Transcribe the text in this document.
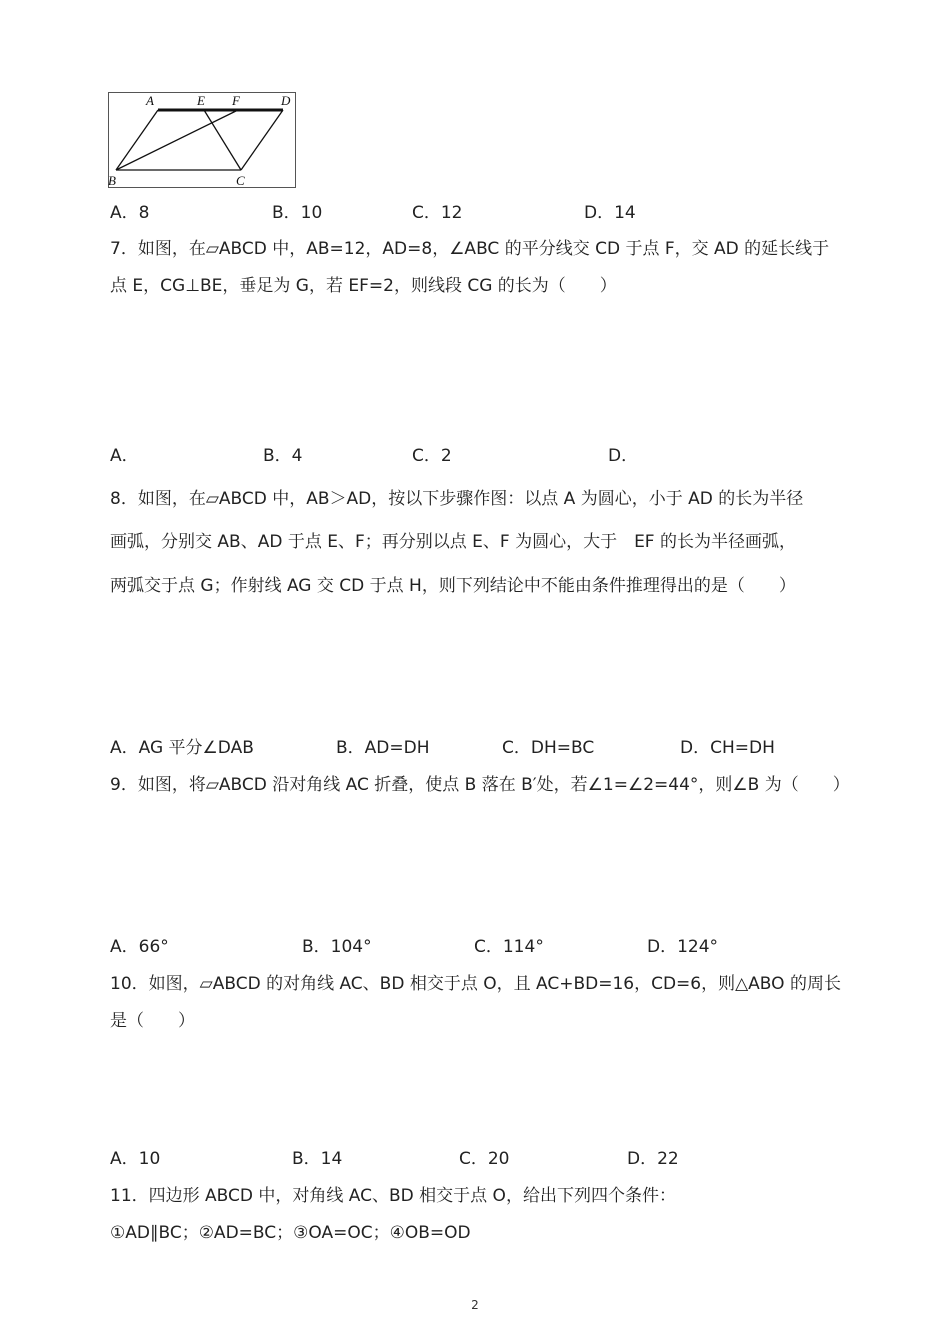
A	E F	D
B	C
A．8	B．10	C．12	D．14
7．如图，在▱ABCD 中，AB=12，AD=8，∠ABC 的平分线交 CD 于点 F，交 AD 的延长线于
点 E，CG⊥BE，垂足为 G，若 EF=2，则线段 CG 的长为（　　）
A．	B．4	C．2	D．
8．如图，在▱ABCD 中，AB＞AD，按以下步骤作图：以点 A 为圆心，小于 AD 的长为半径
画弧，分别交 AB、AD 于点 E、F；再分别以点 E、F 为圆心，大于　EF 的长为半径画弧，
两弧交于点 G；作射线 AG 交 CD 于点 H，则下列结论中不能由条件推理得出的是（　　）
A．AG 平分∠DAB	B．AD=DH	C．DH=BC	D．CH=DH
9．如图，将▱ABCD 沿对角线 AC 折叠，使点 B 落在 B′处，若∠1=∠2=44°，则∠B 为（　　）
A．66°	B．104°	C．114°	D．124°
10．如图，▱ABCD 的对角线 AC、BD 相交于点 O，且 AC+BD=16，CD=6，则△ABO 的周长
是（　　）
A．10	B．14	C．20	D．22
11．四边形 ABCD 中，对角线 AC、BD 相交于点 O，给出下列四个条件：
①AD∥BC；②AD=BC；③OA=OC；④OB=OD
2
